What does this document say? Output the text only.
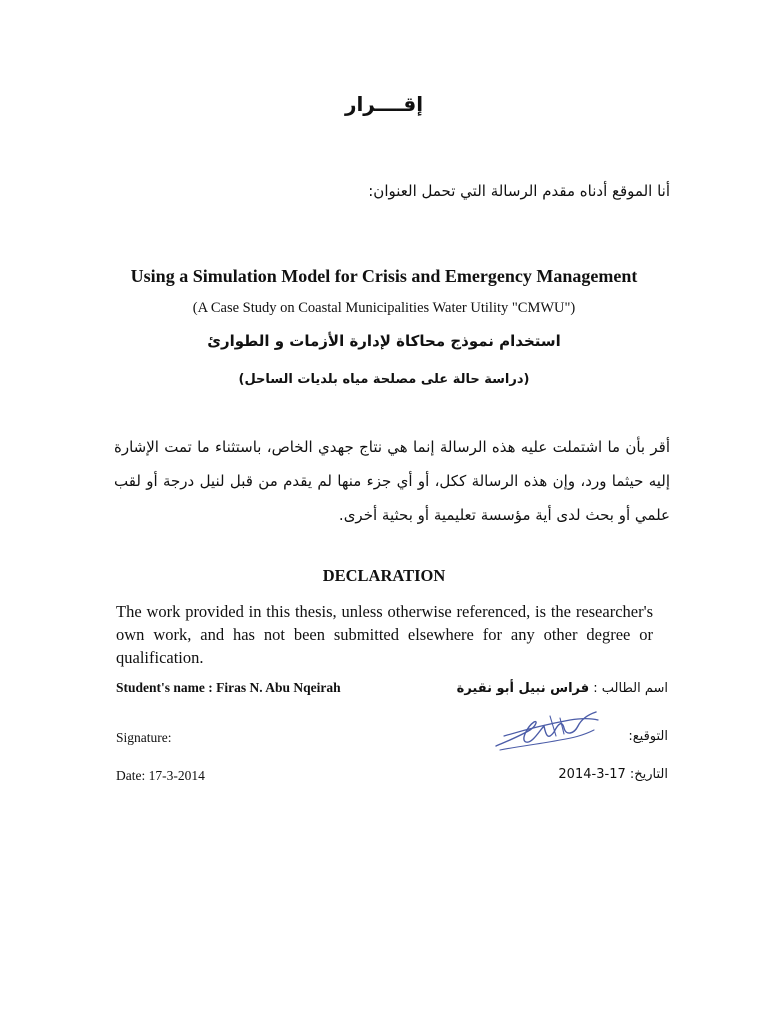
إقــــرار
أنا الموقع أدناه مقدم الرسالة التي تحمل العنوان:
Using a Simulation Model for Crisis and Emergency Management
(A Case Study on Coastal Municipalities Water Utility "CMWU")
استخدام نموذج محاكاة لإدارة الأزمات و الطوارئ
(دراسة حالة على مصلحة مياه بلديات الساحل)
أقر بأن ما اشتملت عليه هذه الرسالة إنما هي نتاج جهدي الخاص، باستثناء ما تمت الإشارة إليه حيثما ورد، وإن هذه الرسالة ككل، أو أي جزء منها لم يقدم من قبل لنيل درجة أو لقب علمي أو بحث لدى أية مؤسسة تعليمية أو بحثية أخرى.
DECLARATION
The work provided in this thesis, unless otherwise referenced, is the researcher's own work, and has not been submitted elsewhere for any other degree or qualification.
Student's name : Firas N. Abu Nqeirah	اسم الطالب : فراس نبيل أبو نقيرة
Signature:	التوقيع:
Date: 17-3-2014	التاريخ: 17-3-2014
